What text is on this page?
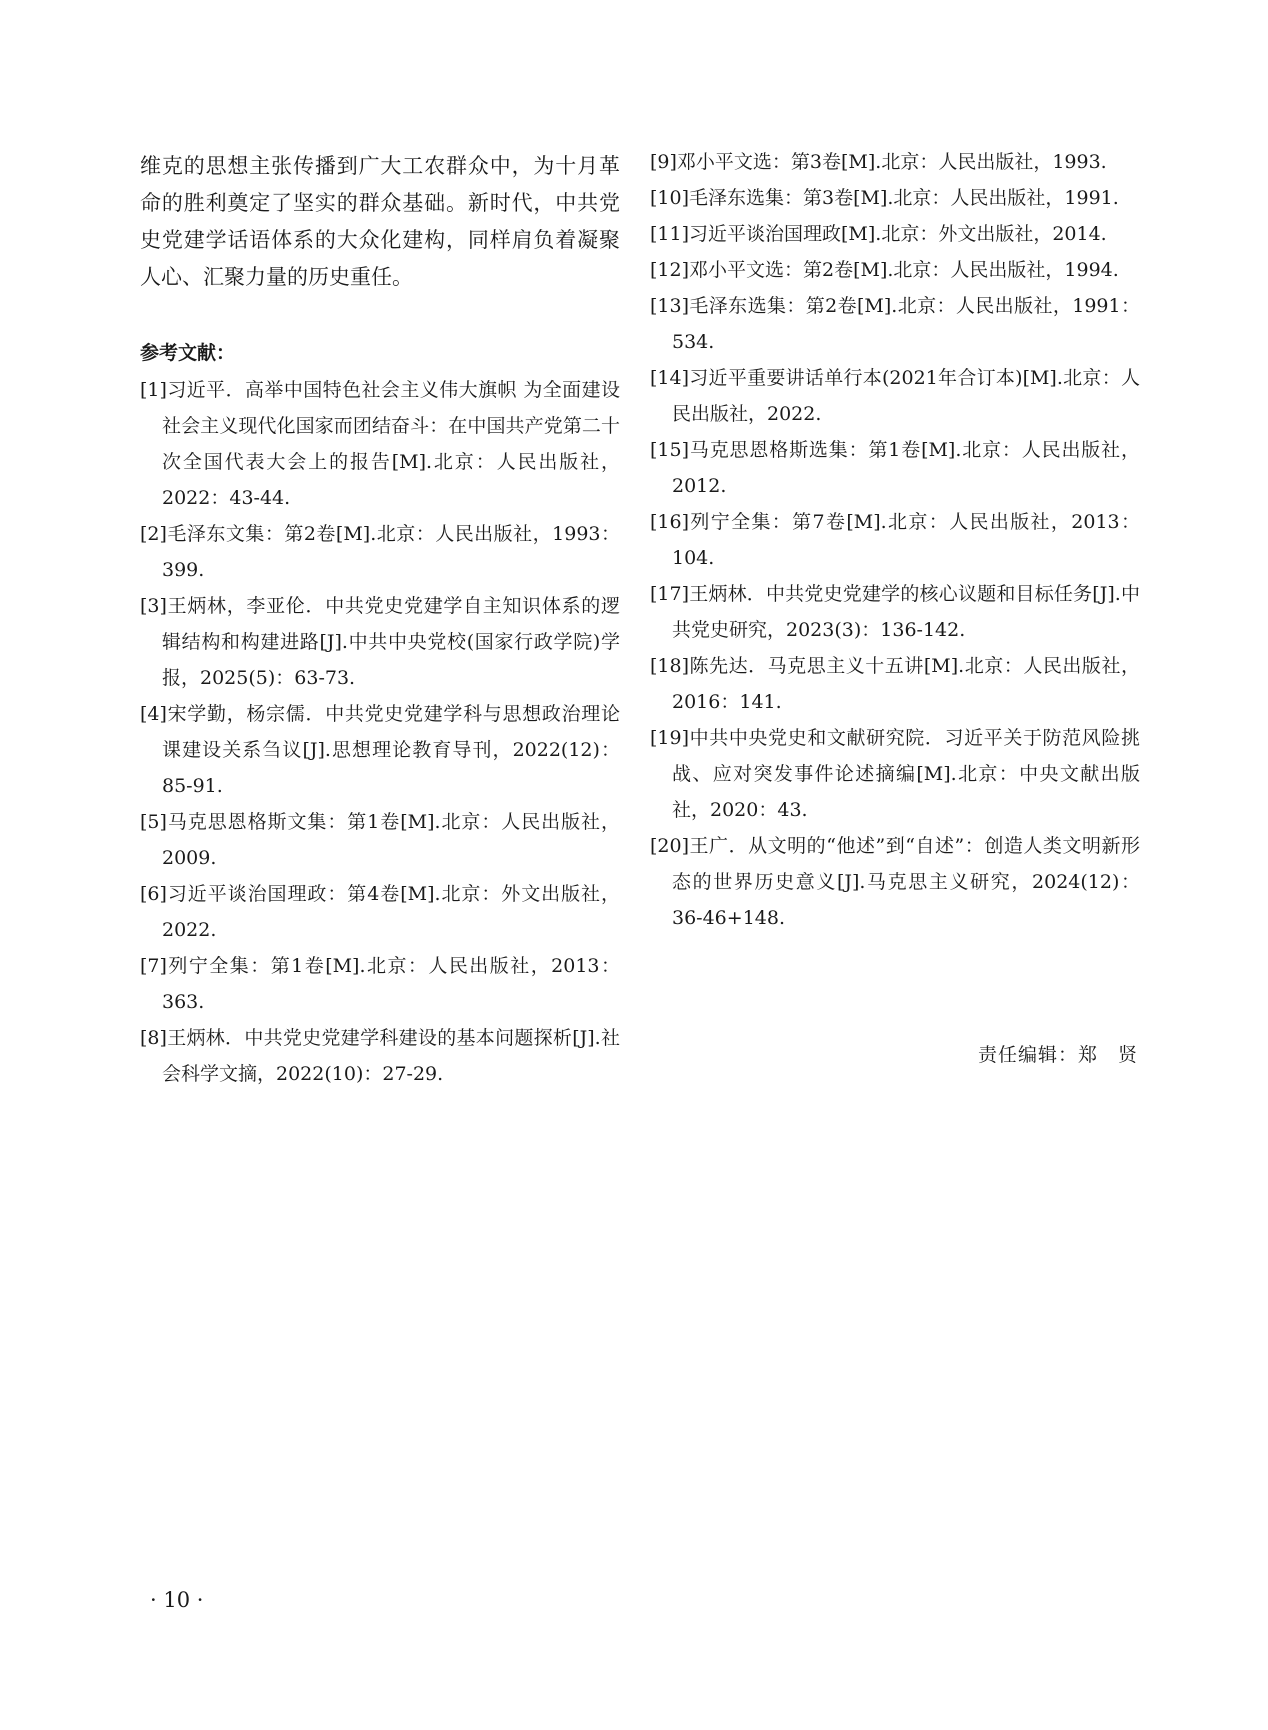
维克的思想主张传播到广大工农群众中，为十月革命的胜利奠定了坚实的群众基础。新时代，中共党史党建学话语体系的大众化建构，同样肩负着凝聚人心、汇聚力量的历史重任。

参考文献：
[1]习近平．高举中国特色社会主义伟大旗帜 为全面建设社会主义现代化国家而团结奋斗：在中国共产党第二十次全国代表大会上的报告[M].北京：人民出版社，2022：43-44.
[2]毛泽东文集：第2卷[M].北京：人民出版社，1993：399.
[3]王炳林，李亚伦．中共党史党建学自主知识体系的逻辑结构和构建进路[J].中共中央党校(国家行政学院)学报，2025(5)：63-73.
[4]宋学勤，杨宗儒．中共党史党建学科与思想政治理论课建设关系刍议[J].思想理论教育导刊，2022(12)：85-91.
[5]马克思恩格斯文集：第1卷[M].北京：人民出版社，2009.
[6]习近平谈治国理政：第4卷[M].北京：外文出版社，2022.
[7]列宁全集：第1卷[M].北京：人民出版社，2013：363.
[8]王炳林．中共党史党建学科建设的基本问题探析[J].社会科学文摘，2022(10)：27-29.
[9]邓小平文选：第3卷[M].北京：人民出版社，1993.
[10]毛泽东选集：第3卷[M].北京：人民出版社，1991.
[11]习近平谈治国理政[M].北京：外文出版社，2014.
[12]邓小平文选：第2卷[M].北京：人民出版社，1994.
[13]毛泽东选集：第2卷[M].北京：人民出版社，1991：534.
[14]习近平重要讲话单行本(2021年合订本)[M].北京：人民出版社，2022.
[15]马克思恩格斯选集：第1卷[M].北京：人民出版社，2012.
[16]列宁全集：第7卷[M].北京：人民出版社，2013：104.
[17]王炳林．中共党史党建学的核心议题和目标任务[J].中共党史研究，2023(3)：136-142.
[18]陈先达．马克思主义十五讲[M].北京：人民出版社，2016：141.
[19]中共中央党史和文献研究院．习近平关于防范风险挑战、应对突发事件论述摘编[M].北京：中央文献出版社，2020：43.
[20]王广．从文明的“他述”到“自述”：创造人类文明新形态的世界历史意义[J].马克思主义研究，2024(12)：36-46+148.
责任编辑：郑　贤
· 10 ·
